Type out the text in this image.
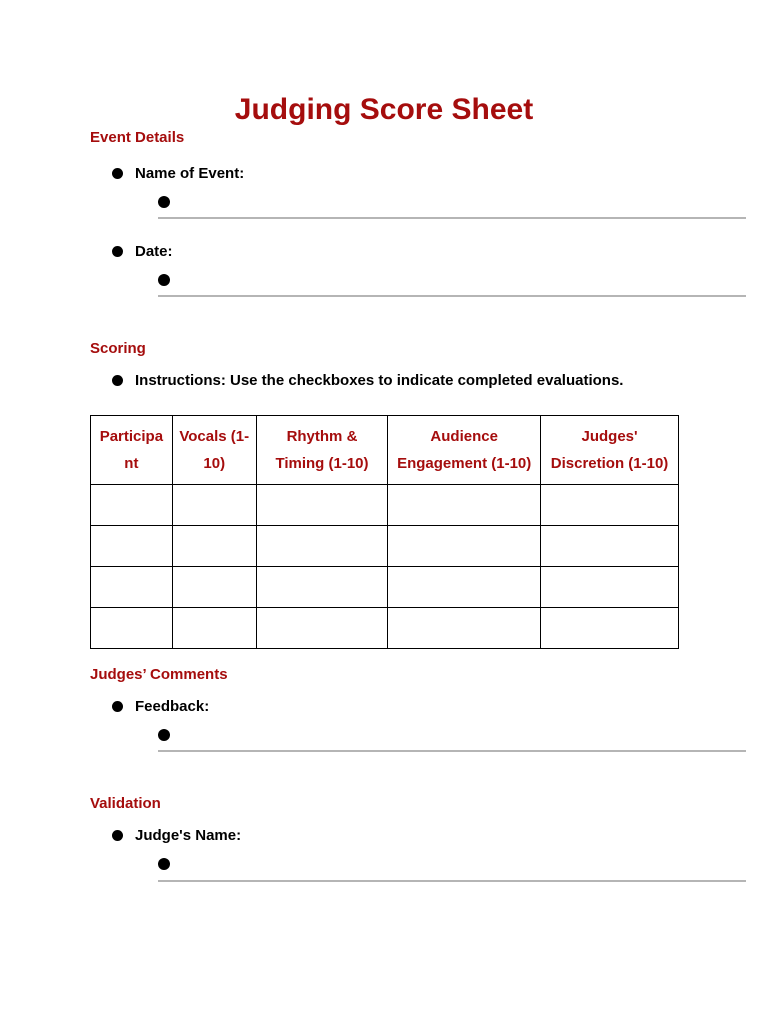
Judging Score Sheet
Event Details
Name of Event:
Date:
Scoring
Instructions: Use the checkboxes to indicate completed evaluations.
Participa nt	Vocals (1-10)	Rhythm & Timing (1-10)	Audience Engagement (1-10)	Judges' Discretion (1-10)

Judges’ Comments
Feedback:
Validation
Judge's Name:
